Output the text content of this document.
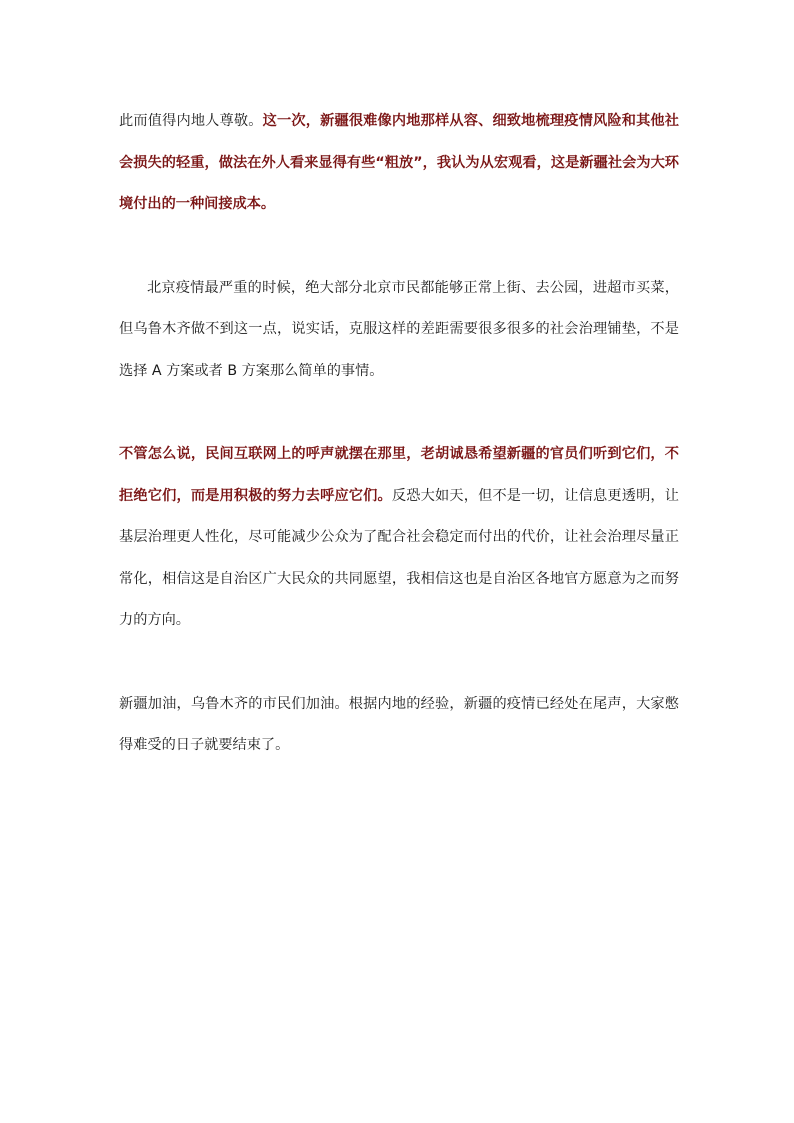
此而值得内地人尊敬。这一次，新疆很难像内地那样从容、细致地梳理疫情风险和其他社会损失的轻重，做法在外人看来显得有些“粗放”，我认为从宏观看，这是新疆社会为大环境付出的一种间接成本。

北京疫情最严重的时候，绝大部分北京市民都能够正常上街、去公园，进超市买菜，但乌鲁木齐做不到这一点，说实话，克服这样的差距需要很多很多的社会治理铺垫，不是选择 A 方案或者 B 方案那么简单的事情。

不管怎么说，民间互联网上的呼声就摆在那里，老胡诚恳希望新疆的官员们听到它们，不拒绝它们，而是用积极的努力去呼应它们。反恐大如天，但不是一切，让信息更透明，让基层治理更人性化，尽可能减少公众为了配合社会稳定而付出的代价，让社会治理尽量正常化，相信这是自治区广大民众的共同愿望，我相信这也是自治区各地官方愿意为之而努力的方向。

新疆加油，乌鲁木齐的市民们加油。根据内地的经验，新疆的疫情已经处在尾声，大家憋得难受的日子就要结束了。
